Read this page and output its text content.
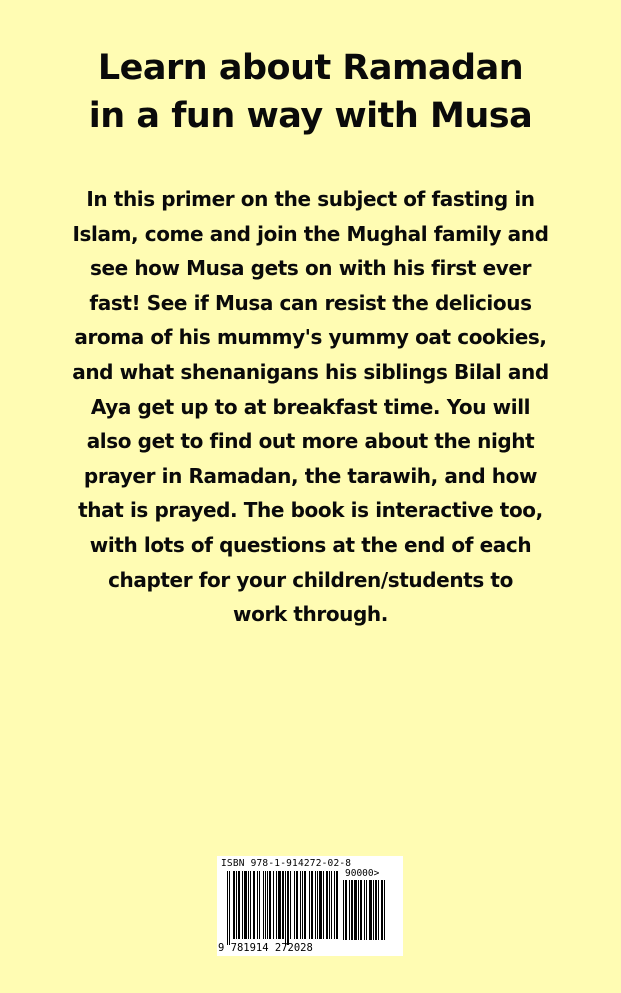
Learn about Ramadan
in a fun way with Musa
In this primer on the subject of fasting in
Islam, come and join the Mughal family and
see how Musa gets on with his first ever
fast! See if Musa can resist the delicious
aroma of his mummy's yummy oat cookies,
and what shenanigans his siblings Bilal and
Aya get up to at breakfast time. You will
also get to find out more about the night
prayer in Ramadan, the tarawih, and how
that is prayed. The book is interactive too,
with lots of questions at the end of each
chapter for your children/students to
work through.
ISBN 978-1-914272-02-8
90000>
9 781914 272028
